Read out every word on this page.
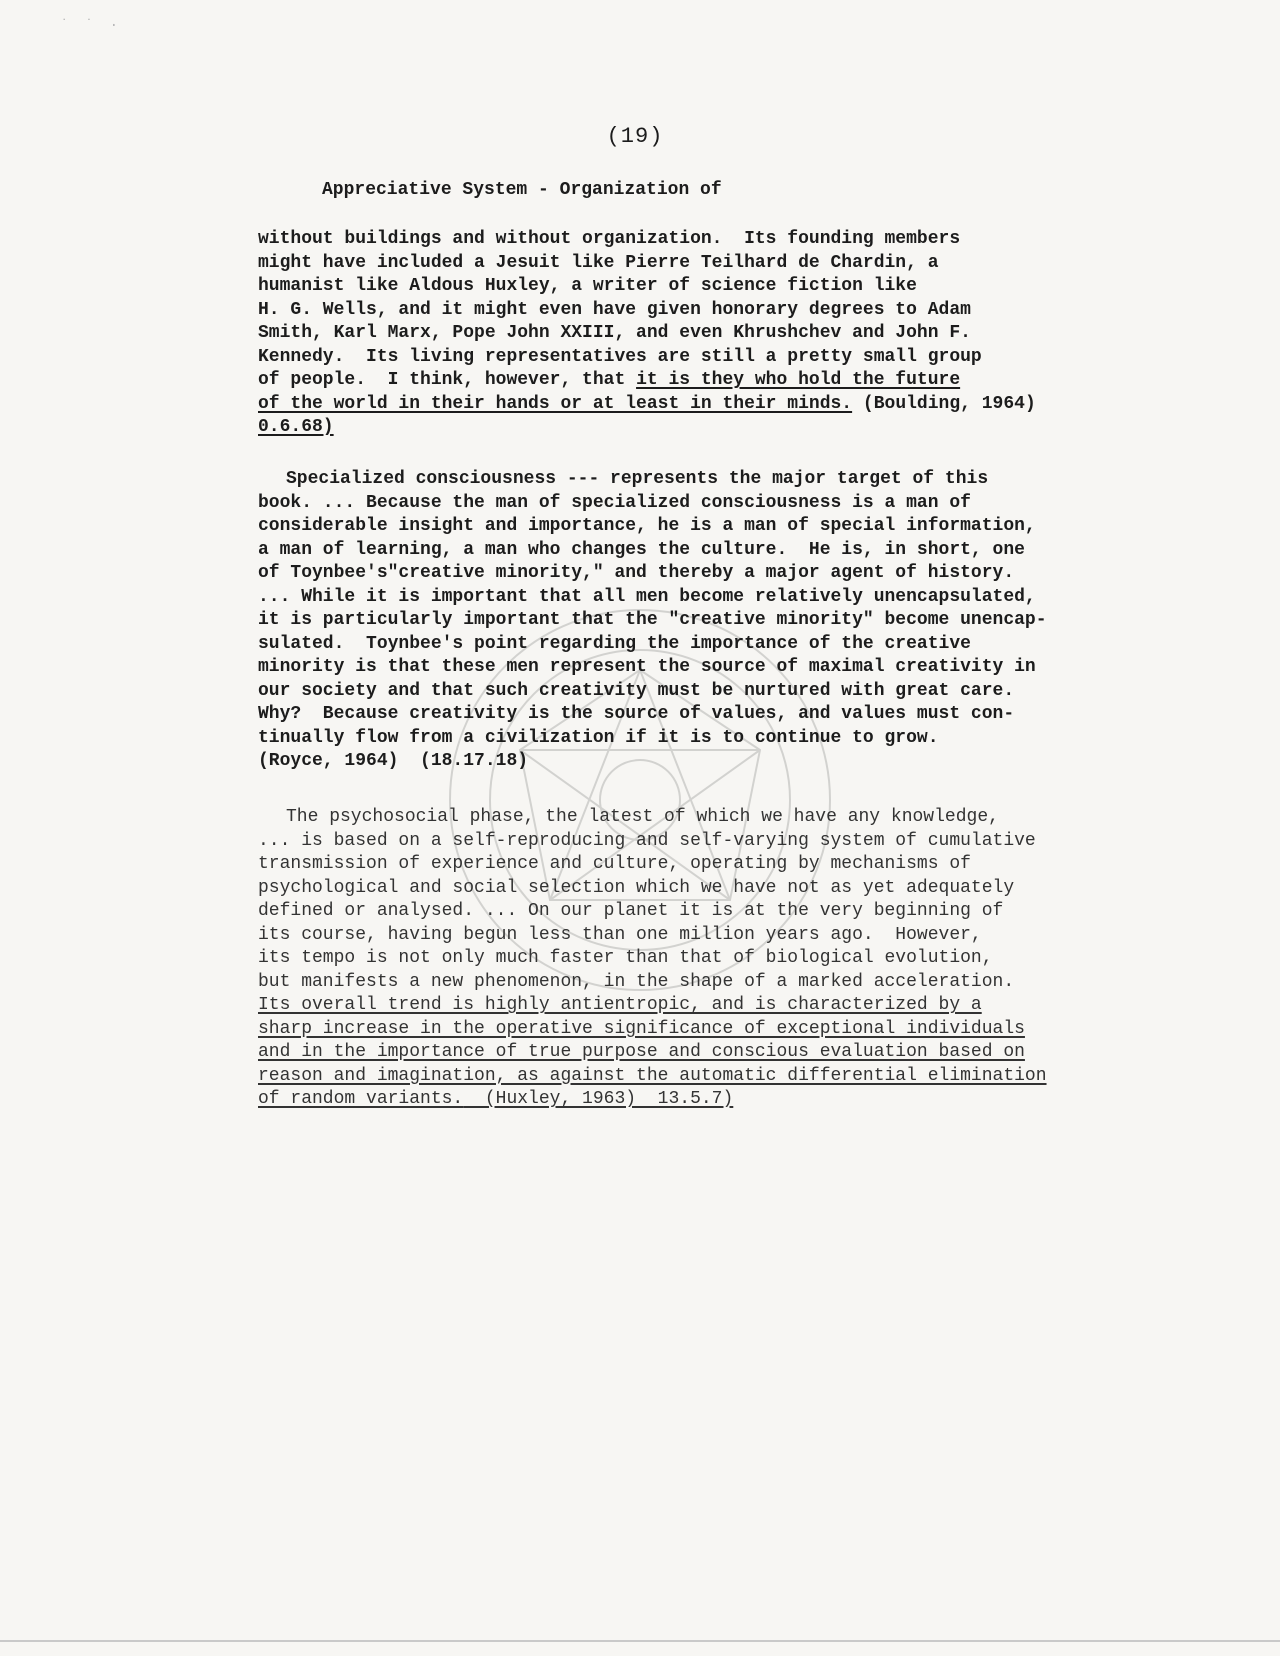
˙ ˙ ·
(19)
Appreciative System - Organization of
without buildings and without organization.  Its founding members
might have included a Jesuit like Pierre Teilhard de Chardin, a
humanist like Aldous Huxley, a writer of science fiction like
H. G. Wells, and it might even have given honorary degrees to Adam
Smith, Karl Marx, Pope John XXIII, and even Khrushchev and John F.
Kennedy.  Its living representatives are still a pretty small group
of people.  I think, however, that it is they who hold the future
of the world in their hands or at least in their minds. (Boulding, 1964)
0.6.68)
Specialized consciousness --- represents the major target of this
book. ... Because the man of specialized consciousness is a man of
considerable insight and importance, he is a man of special information,
a man of learning, a man who changes the culture.  He is, in short, one
of Toynbee's"creative minority," and thereby a major agent of history.
... While it is important that all men become relatively unencapsulated,
it is particularly important that the "creative minority" become unencap-
sulated.  Toynbee's point regarding the importance of the creative
minority is that these men represent the source of maximal creativity in
our society and that such creativity must be nurtured with great care.
Why?  Because creativity is the source of values, and values must con-
tinually flow from a civilization if it is to continue to grow.
(Royce, 1964)  (18.17.18)
The psychosocial phase, the latest of which we have any knowledge,
... is based on a self-reproducing and self-varying system of cumulative
transmission of experience and culture, operating by mechanisms of
psychological and social selection which we have not as yet adequately
defined or analysed. ... On our planet it is at the very beginning of
its course, having begun less than one million years ago.  However,
its tempo is not only much faster than that of biological evolution,
but manifests a new phenomenon, in the shape of a marked acceleration.
Its overall trend is highly antientropic, and is characterized by a
sharp increase in the operative significance of exceptional individuals
and in the importance of true purpose and conscious evaluation based on
reason and imagination, as against the automatic differential elimination
of random variants.  (Huxley, 1963)  13.5.7)
